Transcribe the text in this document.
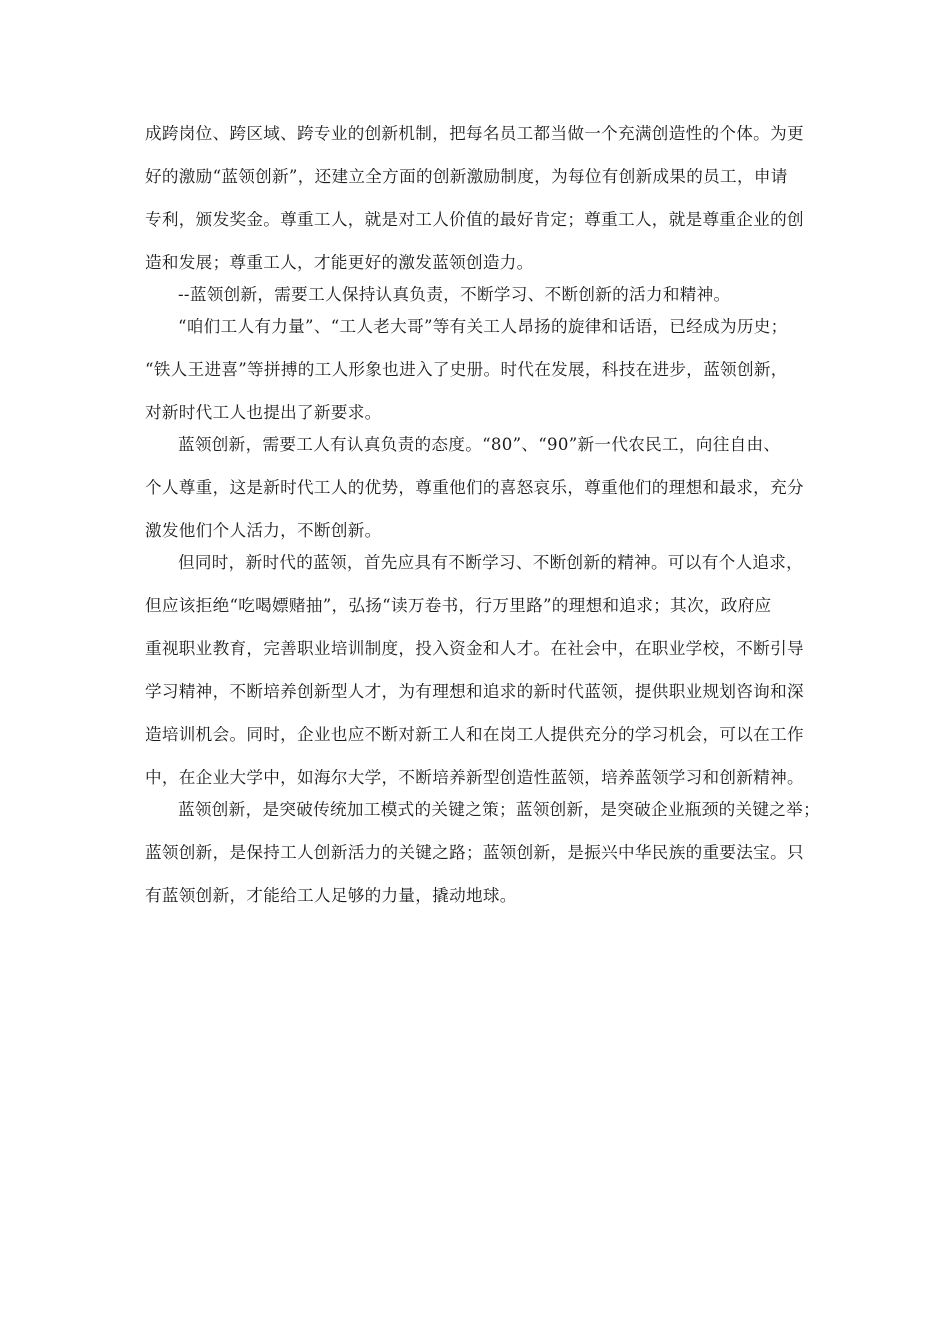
成跨岗位、跨区域、跨专业的创新机制，把每名员工都当做一个充满创造性的个体。为更
好的激励“蓝领创新”，还建立全方面的创新激励制度，为每位有创新成果的员工，申请
专利，颁发奖金。尊重工人，就是对工人价值的最好肯定；尊重工人，就是尊重企业的创
造和发展；尊重工人，才能更好的激发蓝领创造力。
--蓝领创新，需要工人保持认真负责，不断学习、不断创新的活力和精神。
“咱们工人有力量”、“工人老大哥”等有关工人昂扬的旋律和话语，已经成为历史；
“铁人王进喜”等拼搏的工人形象也进入了史册。时代在发展，科技在进步，蓝领创新，
对新时代工人也提出了新要求。
蓝领创新，需要工人有认真负责的态度。“80”、“90”新一代农民工，向往自由、
个人尊重，这是新时代工人的优势，尊重他们的喜怒哀乐，尊重他们的理想和最求，充分
激发他们个人活力，不断创新。
但同时，新时代的蓝领，首先应具有不断学习、不断创新的精神。可以有个人追求，
但应该拒绝“吃喝嫖赌抽”，弘扬“读万卷书，行万里路”的理想和追求；其次，政府应
重视职业教育，完善职业培训制度，投入资金和人才。在社会中，在职业学校，不断引导
学习精神，不断培养创新型人才，为有理想和追求的新时代蓝领，提供职业规划咨询和深
造培训机会。同时，企业也应不断对新工人和在岗工人提供充分的学习机会，可以在工作
中，在企业大学中，如海尔大学，不断培养新型创造性蓝领，培养蓝领学习和创新精神。
蓝领创新，是突破传统加工模式的关键之策；蓝领创新，是突破企业瓶颈的关键之举；
蓝领创新，是保持工人创新活力的关键之路；蓝领创新，是振兴中华民族的重要法宝。只
有蓝领创新，才能给工人足够的力量，撬动地球。
